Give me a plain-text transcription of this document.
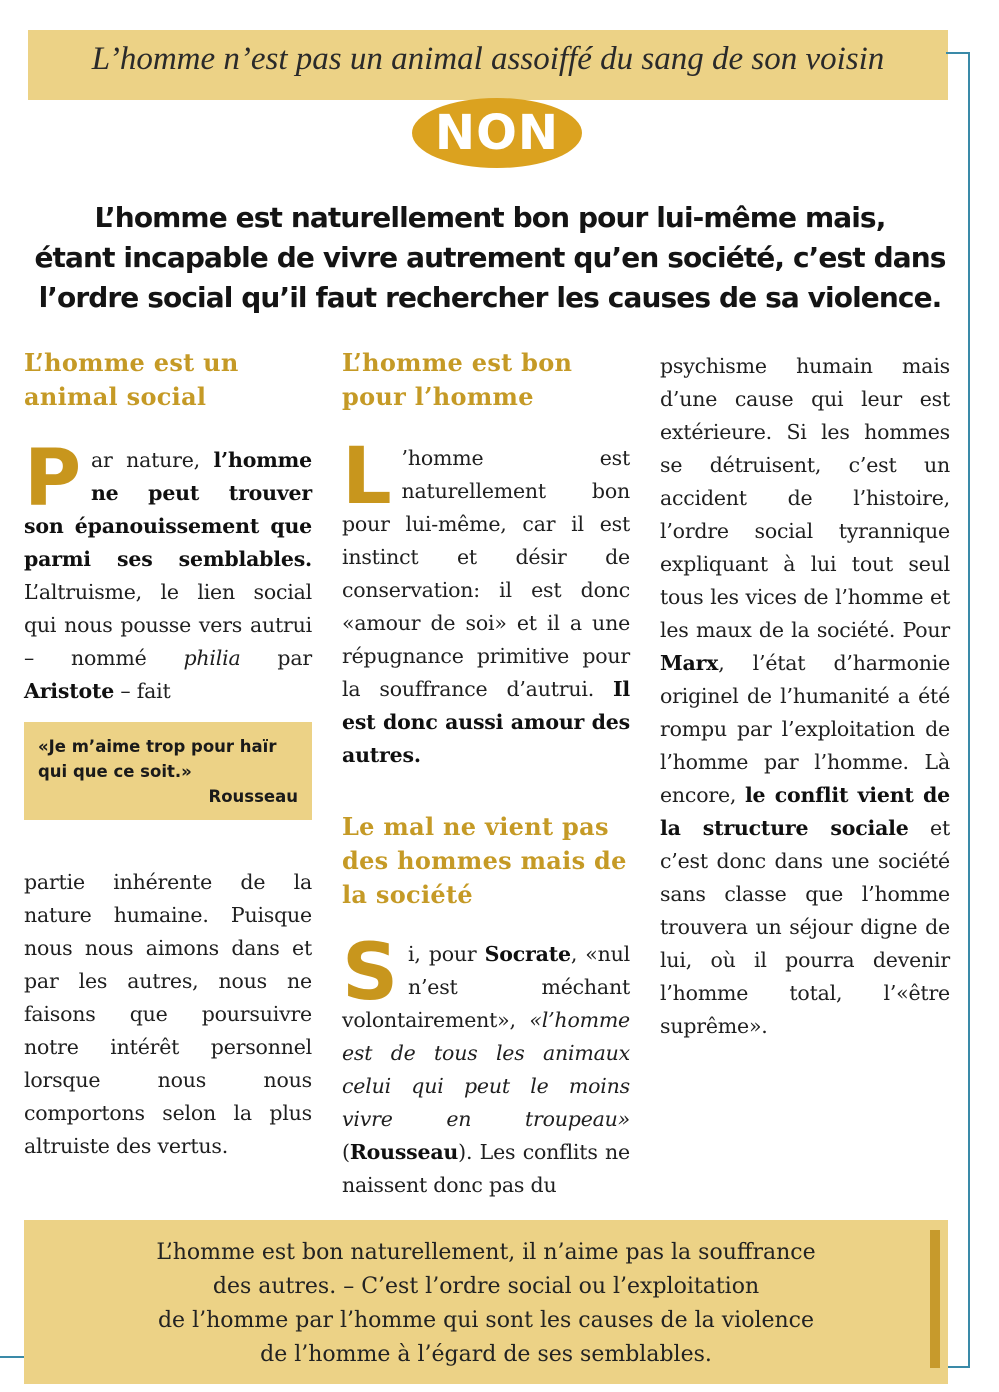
L’homme n’est pas un animal assoiffé du sang de son voisin
NON
L’homme est naturellement bon pour lui-même mais,
étant incapable de vivre autrement qu’en société, c’est dans
l’ordre social qu’il faut rechercher les causes de sa violence.
L’homme est un animal social

Par nature, l’homme ne peut trouver son épanouissement que parmi ses semblables. L’altruisme, le lien social qui nous pousse vers autrui – nommé philia par Aristote – fait

«Je m’aime trop pour haïr qui que ce soit.»
Rousseau

partie inhérente de la nature humaine. Puisque nous nous aimons dans et par les autres, nous ne faisons que poursuivre notre intérêt personnel lorsque nous nous comportons selon la plus altruiste des vertus.

L’homme est bon pour l’homme

L ’homme est naturellement bon pour lui-même, car il est instinct et désir de conservation: il est donc «amour de soi» et il a une répugnance primitive pour la souffrance d’autrui. Il est donc aussi amour des autres.

Le mal ne vient pas des hommes mais de la société

Si, pour Socrate, «nul n’est méchant volontairement», «l’homme est de tous les animaux celui qui peut le moins vivre en troupeau» (Rousseau). Les conflits ne naissent donc pas du

psychisme humain mais d’une cause qui leur est extérieure. Si les hommes se détruisent, c’est un accident de l’histoire, l’ordre social tyrannique expliquant à lui tout seul tous les vices de l’homme et les maux de la société. Pour Marx, l’état d’harmonie originel de l’humanité a été rompu par l’exploitation de l’homme par l’homme. Là encore, le conflit vient de la structure sociale et c’est donc dans une société sans classe que l’homme trouvera un séjour digne de lui, où il pourra devenir l’homme total, l’«être suprême».

L’homme est bon naturellement, il n’aime pas la souffrance
des autres. – C’est l’ordre social ou l’exploitation
de l’homme par l’homme qui sont les causes de la violence
de l’homme à l’égard de ses semblables.
